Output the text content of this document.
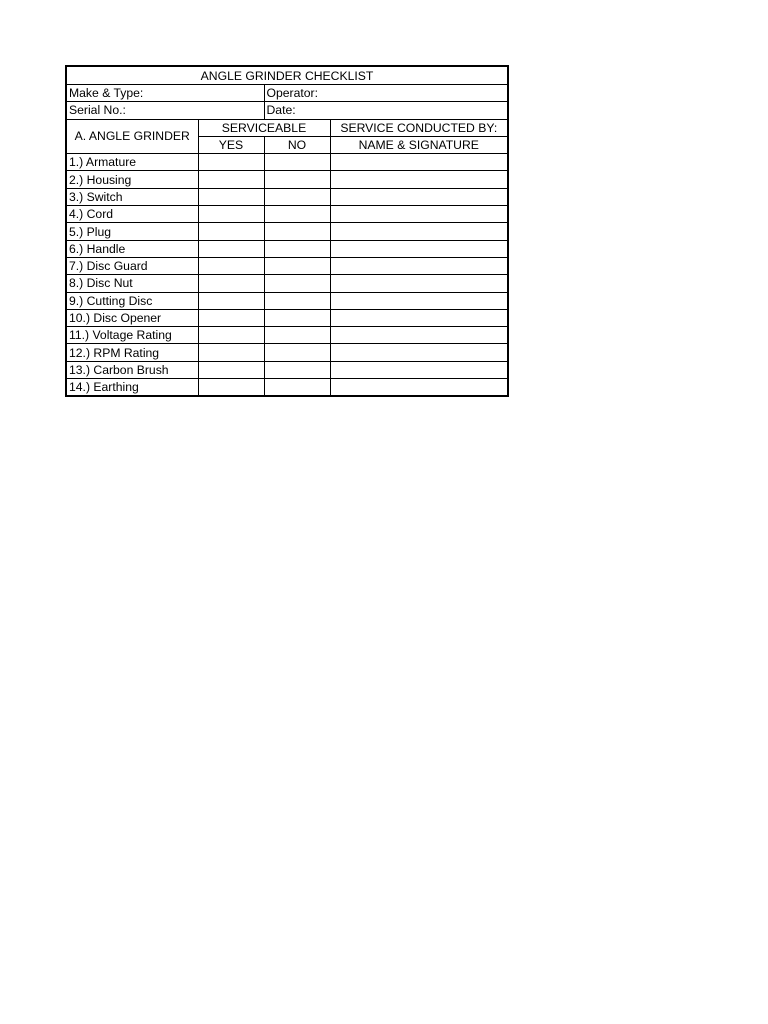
ANGLE GRINDER CHECKLIST			
Make & Type:		Operator:	
Serial No.:		Date:	
A. ANGLE GRINDER	SERVICEABLE		SERVICE CONDUCTED BY:
	YES	NO	NAME & SIGNATURE
1.) Armature			
2.) Housing			
3.) Switch			
4.) Cord			
5.) Plug			
6.) Handle			
7.) Disc Guard			
8.) Disc Nut			
9.) Cutting Disc			
10.) Disc Opener			
11.) Voltage Rating			
12.) RPM Rating			
13.) Carbon Brush			
14.) Earthing			
